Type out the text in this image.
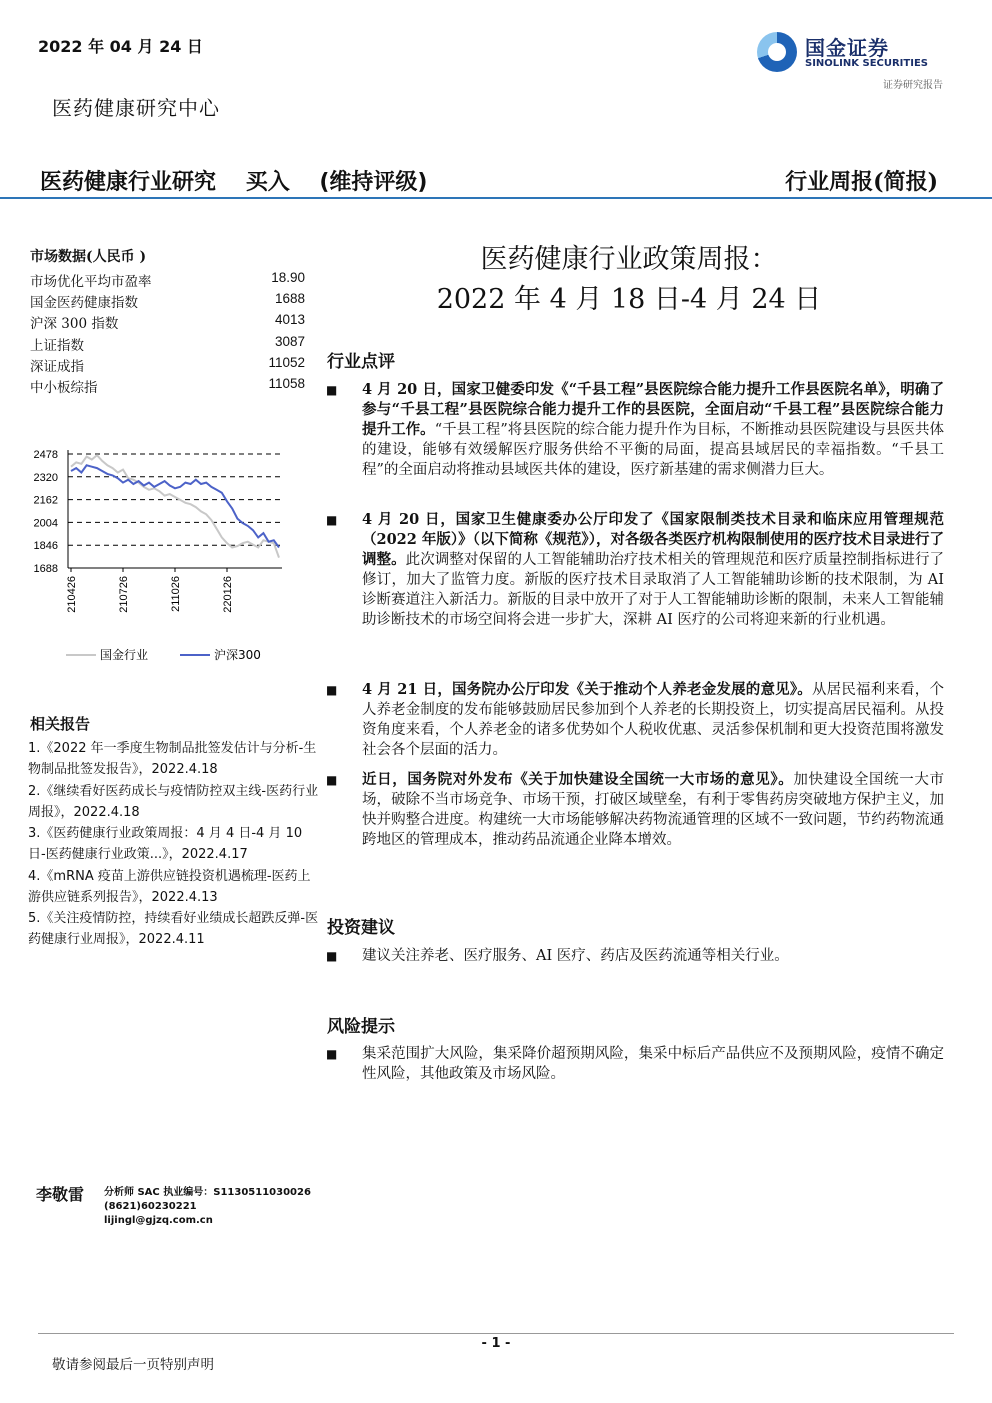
2022 年 04 月 24 日
医药健康研究中心
国金证券
SINOLINK SECURITIES
证券研究报告
医药健康行业研究 买入 (维持评级)	行业周报(简报)
市场数据(人民币 )
市场优化平均市盈率	18.90
国金医药健康指数	1688
沪深 300 指数	4013
上证指数	3087
深证成指	11052
中小板综指	11058
2478
2320
2162
2004
1846
1688
210426	210726	211026	220126
国金行业	沪深300
相关报告
1.《2022 年一季度生物制品批签发估计与分析-生物制品批签发报告》，2022.4.18
2.《继续看好医药成长与疫情防控双主线-医药行业周报》，2022.4.18
3.《医药健康行业政策周报：4 月 4 日-4 月 10 日-医药健康行业政策...》，2022.4.17
4.《mRNA 疫苗上游供应链投资机遇梳理-医药上游供应链系列报告》，2022.4.13
5.《关注疫情防控，持续看好业绩成长超跌反弹-医药健康行业周报》，2022.4.11
医药健康行业政策周报：
2022 年 4 月 18 日-4 月 24 日
行业点评
■ 4 月 20 日，国家卫健委印发《“千县工程”县医院综合能力提升工作县医院名单》，明确了参与“千县工程”县医院综合能力提升工作的县医院，全面启动“千县工程”县医院综合能力提升工作。“千县工程”将县医院的综合能力提升作为目标，不断推动县医院建设与县医共体的建设，能够有效缓解医疗服务供给不平衡的局面，提高县域居民的幸福指数。“千县工程”的全面启动将推动县域医共体的建设，医疗新基建的需求侧潜力巨大。
■ 4 月 20 日，国家卫生健康委办公厅印发了《国家限制类技术目录和临床应用管理规范（2022 年版）》（以下简称《规范》），对各级各类医疗机构限制使用的医疗技术目录进行了调整。此次调整对保留的人工智能辅助治疗技术相关的管理规范和医疗质量控制指标进行了修订，加大了监管力度。新版的医疗技术目录取消了人工智能辅助诊断的技术限制，为 AI 诊断赛道注入新活力。新版的目录中放开了对于人工智能辅助诊断的限制，未来人工智能辅助诊断技术的市场空间将会进一步扩大，深耕 AI 医疗的公司将迎来新的行业机遇。
■ 4 月 21 日，国务院办公厅印发《关于推动个人养老金发展的意见》。从居民福利来看，个人养老金制度的发布能够鼓励居民参加到个人养老的长期投资上，切实提高居民福利。从投资角度来看，个人养老金的诸多优势如个人税收优惠、灵活参保机制和更大投资范围将激发社会各个层面的活力。
■ 近日，国务院对外发布《关于加快建设全国统一大市场的意见》。加快建设全国统一大市场，破除不当市场竞争、市场干预，打破区域壁垒，有利于零售药房突破地方保护主义，加快并购整合进度。构建统一大市场能够解决药物流通管理的区域不一致问题，节约药物流通跨地区的管理成本，推动药品流通企业降本增效。
投资建议
■ 建议关注养老、医疗服务、AI 医疗、药店及医药流通等相关行业。
风险提示
■ 集采范围扩大风险，集采降价超预期风险，集采中标后产品供应不及预期风险，疫情不确定性风险，其他政策及市场风险。
李敬雷 分析师 SAC 执业编号：S1130511030026
(8621)60230221
lijingl@gjzq.com.cn
- 1 -
敬请参阅最后一页特别声明
